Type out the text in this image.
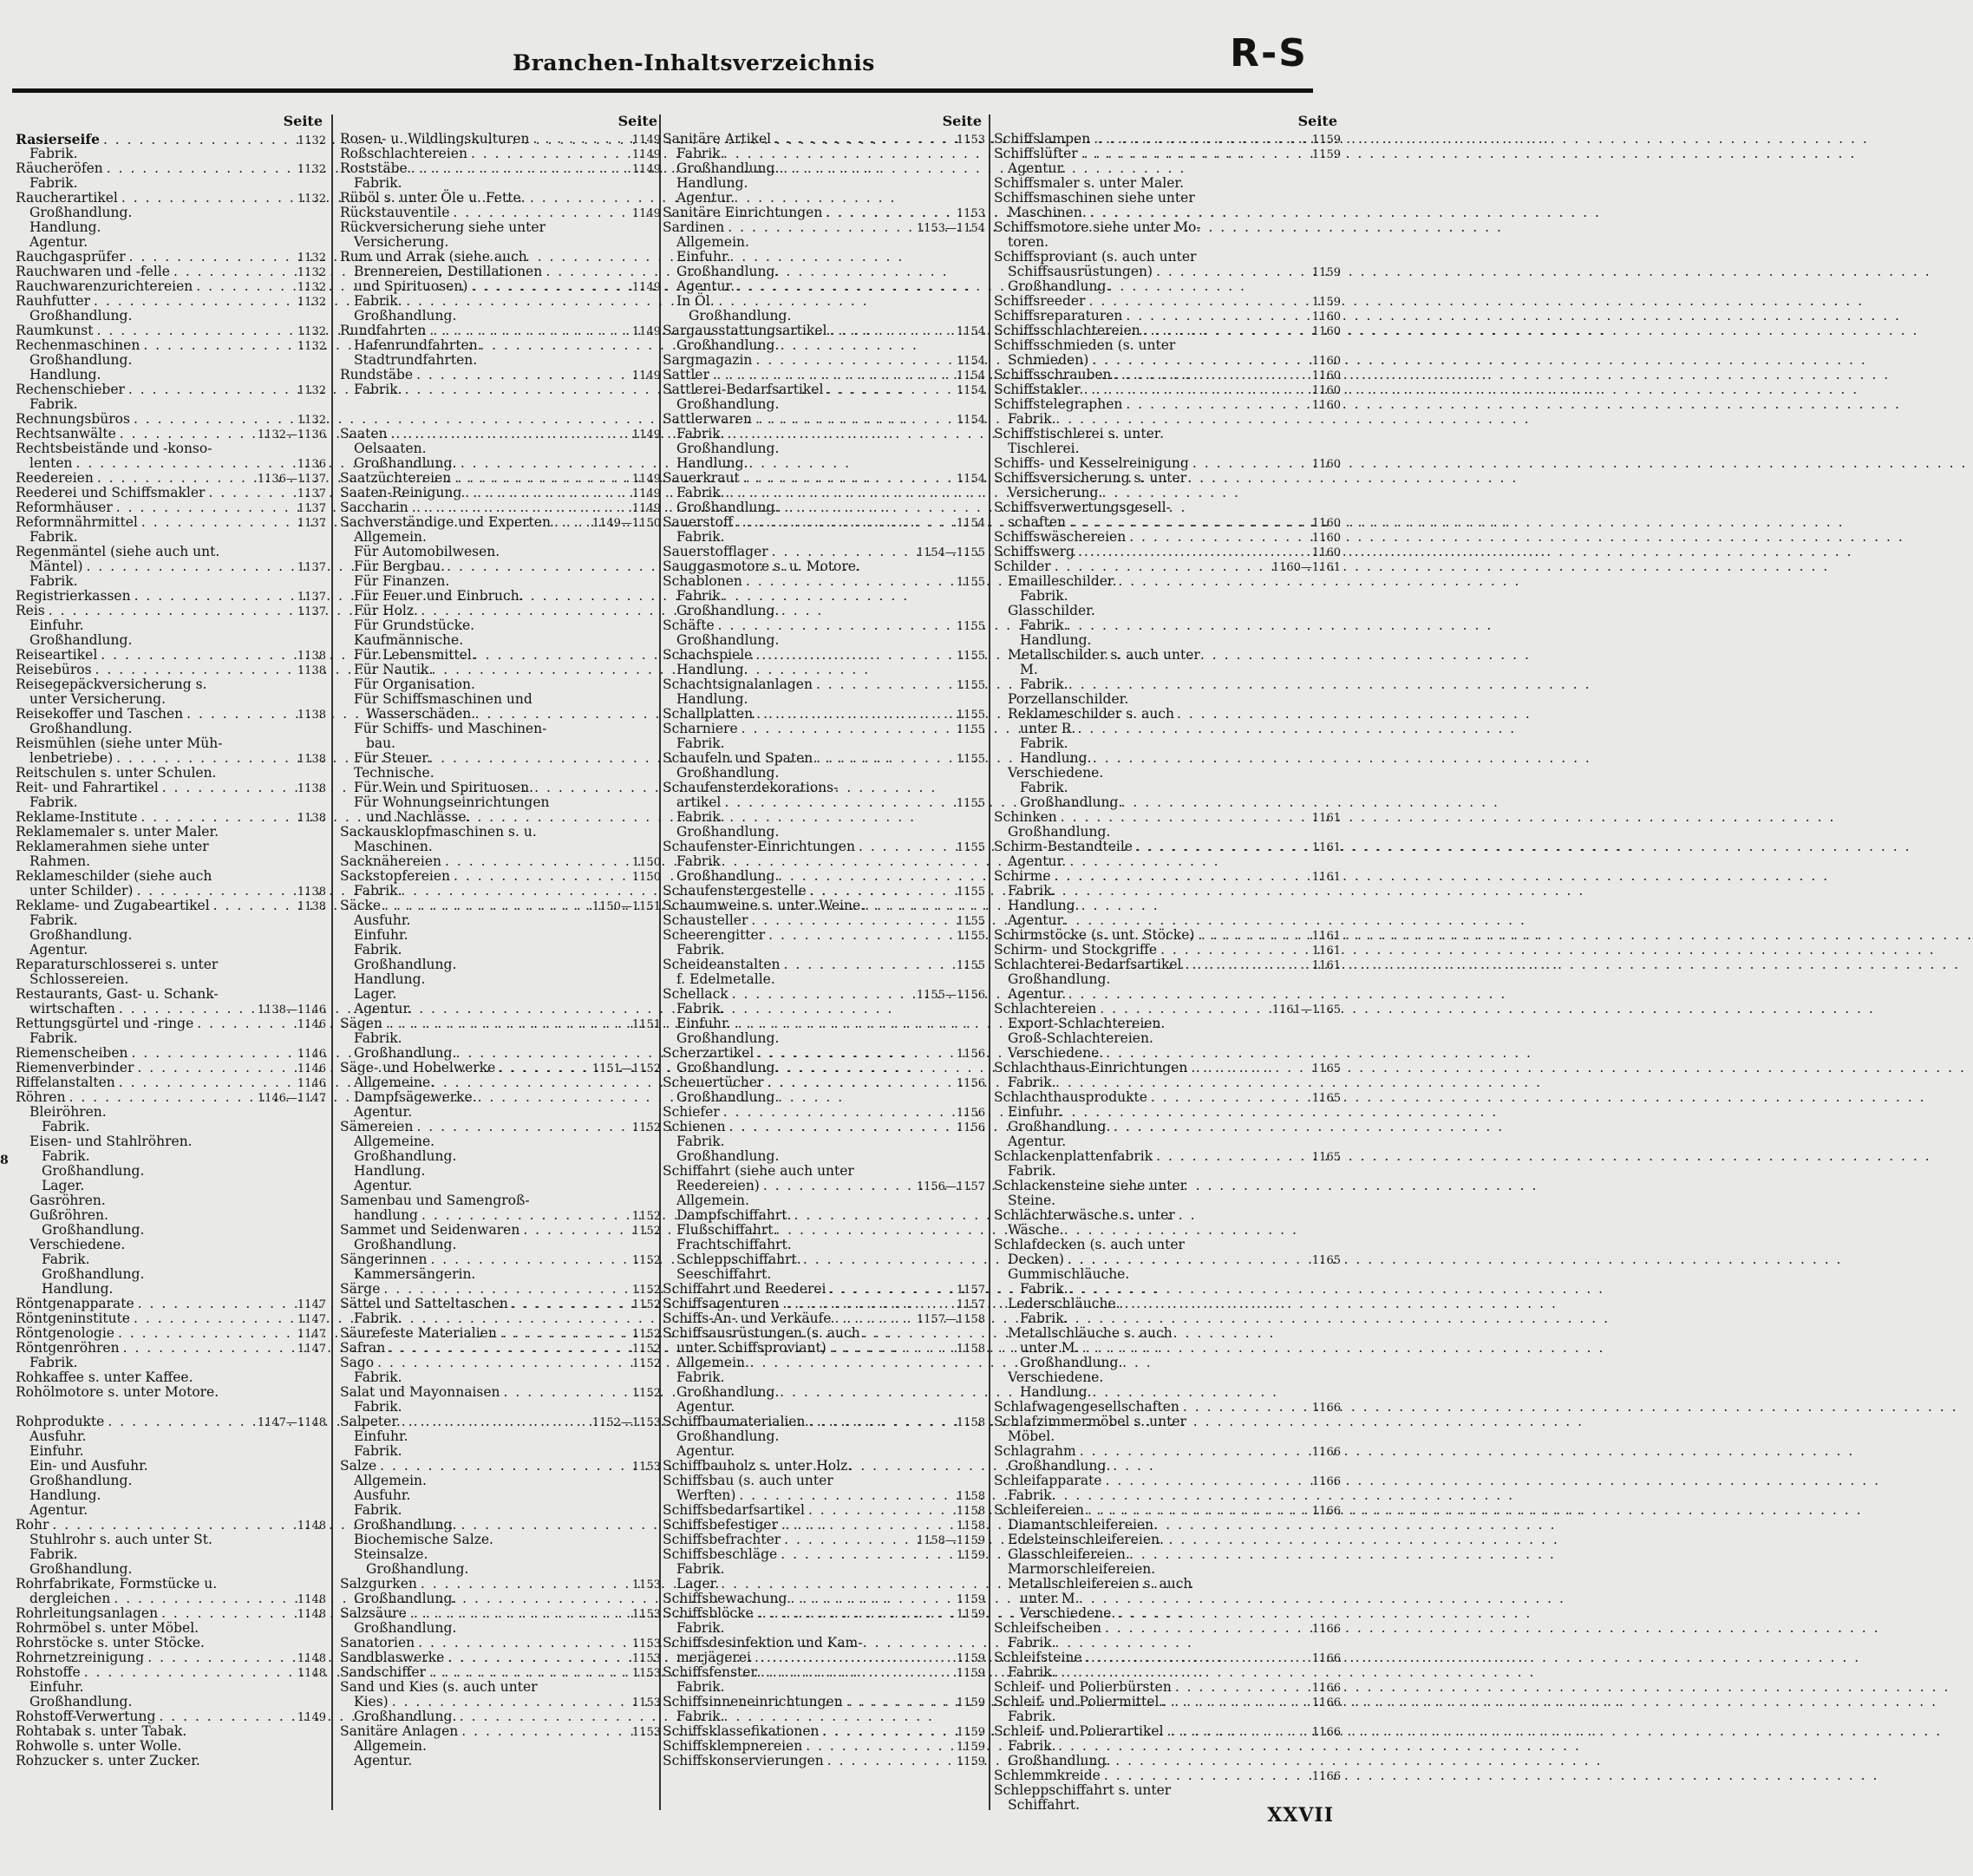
Branchen-Inhaltsverzeichnis	R-S
Seite
Rasierseife . . .	1132
Fabrik.
Räucheröfen . . .	1132
Fabrik.
Raucherartikel . . .	1132
Großhandlung.
Handlung.
Agentur.
Rauchgasprüfer . . .	1132
Rauchwaren und -felle . . .	1132
Rauchwarenzurichtereien . . .	1132
Rauhfutter . . .	1132
Großhandlung.
Raumkunst . . .	1132
Rechenmaschinen . . .	1132
Großhandlung.
Handlung.
Rechenschieber . . .	1132
Fabrik.
Rechnungsbüros . . .	1132
Rechtsanwälte . . .	1132—1136
Rechtsbeistände und -konso-
lenten . . .	1136
Reedereien . . .	1136—1137
Reederei und Schiffsmakler . . .	1137
Reformhäuser . . .	1137
Reformnährmittel . . .	1137
Fabrik.
Regenmäntel (siehe auch unt.
Mäntel) . . .	1137
Fabrik.
Registrierkassen . . .	1137
Reis . . .	1137
Einfuhr.
Großhandlung.
Reiseartikel . . .	1138
Reisebüros . . .	1138
Reisegepäckversicherung s.
unter Versicherung.
Reisekoffer und Taschen . . .	1138
Großhandlung.
Reismühlen (siehe unter Müh-
lenbetriebe) . . .	1138
Reitschulen s. unter Schulen.
Reit- und Fahrartikel . . .	1138
Fabrik.
Reklame-Institute . . .	1138
Reklamemaler s. unter Maler.
Reklamerahmen siehe unter
Rahmen.
Reklameschilder (siehe auch
unter Schilder) . . .	1138
Reklame- und Zugabeartikel . . .	1138
Fabrik.
Großhandlung.
Agentur.
Reparaturschlosserei s. unter
Schlossereien.
Restaurants, Gast- u. Schank-
wirtschaften . . .	1138—1146
Rettungsgürtel und -ringe . . .	1146
Fabrik.
Riemenscheiben . . .	1146
Riemenverbinder . . .	1146
Riffelanstalten . . .	1146
Röhren . . .	1146—1147
Bleiröhren.
Fabrik.
Eisen- und Stahlröhren.
Fabrik.
Großhandlung.
Lager.
Gasröhren.
Gußröhren.
Großhandlung.
Verschiedene.
Fabrik.
Großhandlung.
Handlung.
Röntgenapparate . . .	1147
Röntgeninstitute . . .	1147
Röntgenologie . . .	1147
Röntgenröhren . . .	1147
Fabrik.
Rohkaffee s. unter Kaffee.
Rohölmotore s. unter Motore.
Rohprodukte . . .	1147—1148
Ausfuhr.
Einfuhr.
Ein- und Ausfuhr.
Großhandlung.
Handlung.
Agentur.
Rohr . . .	1148
Stuhlrohr s. auch unter St.
Fabrik.
Großhandlung.
Rohrfabrikate, Formstücke u.
dergleichen . . .	1148
Rohrleitungsanlagen . . .	1148
Rohrmöbel s. unter Möbel.
Rohrstöcke s. unter Stöcke.
Rohrnetzreinigung . . .	1148
Rohstoffe . . .	1148
Einfuhr.
Großhandlung.
Rohstoff-Verwertung . . .	1149
Rohtabak s. unter Tabak.
Rohwolle s. unter Wolle.
Rohzucker s. unter Zucker.
Seite
Rosen- u. Wildlingskulturen . . .	1149
Roßschlachtereien . . .	1149
Roststäbe . . .	1149
Fabrik.
Rüböl s. unter Öle u. Fette.
Rückstauventile . . .	1149
Rückversicherung siehe unter
Versicherung.
Rum und Arrak (siehe auch
Brennereien, Destillationen
und Spirituosen) . . .	1149
Fabrik.
Großhandlung.
Rundfahrten . . .	1149
Hafenrundfahrten.
Stadtrundfahrten.
Rundstäbe . . .	1149
Fabrik.
Saaten . . .	1149
Oelsaaten.
Großhandlung.
Saatzüchtereien . . .	1149
Saaten-Reinigung . . .	1149
Saccharin . . .	1149
Sachverständige und Experten . . .	1149—1150
Allgemein.
Für Automobilwesen.
Für Bergbau.
Für Finanzen.
Für Feuer und Einbruch.
Für Holz.
Für Grundstücke.
Kaufmännische.
Für Lebensmittel.
Für Nautik.
Für Organisation.
Für Schiffsmaschinen und
Wasserschäden.
Für Schiffs- und Maschinen-
bau.
Für Steuer.
Technische.
Für Wein und Spirituosen.
Für Wohnungseinrichtungen
und Nachlässe.
Sackausklopfmaschinen s. u.
Maschinen.
Sacknähereien . . .	1150
Sackstopfereien . . .	1150
Fabrik.
Säcke . . .	1150—1151
Ausfuhr.
Einfuhr.
Fabrik.
Großhandlung.
Handlung.
Lager.
Agentur.
Sägen . . .	1151
Fabrik.
Großhandlung.
Säge- und Hobelwerke . . .	1151—1152
Allgemeine.
Dampfsägewerke.
Agentur.
Sämereien . . .	1152
Allgemeine.
Großhandlung.
Handlung.
Agentur.
Samenbau und Samengroß-
handlung . . .	1152
Sammet und Seidenwaren . . .	1152
Großhandlung.
Sängerinnen . . .	1152
Kammersängerin.
Särge . . .	1152
Sättel und Satteltaschen . . .	1152
Fabrik.
Säurefeste Materialien . . .	1152
Safran . . .	1152
Sago . . .	1152
Fabrik.
Salat und Mayonnaisen . . .	1152
Fabrik.
Salpeter . . .	1152—1153
Einfuhr.
Fabrik.
Salze . . .	1153
Allgemein.
Ausfuhr.
Fabrik.
Großhandlung.
Biochemische Salze.
Steinsalze.
Großhandlung.
Salzgurken . . .	1153
Großhandlung.
Salzsäure . . .	1153
Großhandlung.
Sanatorien . . .	1153
Sandblaswerke . . .	1153
Sandschiffer . . .	1153
Sand und Kies (s. auch unter
Kies) . . .	1153
Großhandlung.
Sanitäre Anlagen . . .	1153
Allgemein.
Agentur.
Seite
Sanitäre Artikel . . .	1153
Fabrik.
Großhandlung.
Handlung.
Agentur.
Sanitäre Einrichtungen . . .	1153
Sardinen . . .	1153—1154
Allgemein.
Einfuhr.
Großhandlung.
Agentur.
In Öl.
Großhandlung.
Sargausstattungsartikel . . .	1154
Großhandlung.
Sargmagazin . . .	1154
Sattler . . .	1154
Sattlerei-Bedarfsartikel . . .	1154
Großhandlung.
Sattlerwaren . . .	1154
Fabrik.
Großhandlung.
Handlung.
Sauerkraut . . .	1154
Fabrik.
Großhandlung.
Sauerstoff . . .	1154
Fabrik.
Sauerstofflager . . .	1154—1155
Sauggasmotore s. u. Motore.
Schablonen . . .	1155
Fabrik.
Großhandlung.
Schäfte . . .	1155
Großhandlung.
Schachspiele . . .	1155
Handlung.
Schachtsignalanlagen . . .	1155
Handlung.
Schallplatten . . .	1155
Scharniere . . .	1155
Fabrik.
Schaufeln und Spaten . . .	1155
Großhandlung.
Schaufensterdekorations-
artikel . . .	1155
Fabrik.
Großhandlung.
Schaufenster-Einrichtungen . . .	1155
Fabrik
Großhandlung.
Schaufenstergestelle . . .	1155
Schaumweine s. unter Weine.
Schausteller . . .	1155
Scheerengitter . . .	1155
Fabrik.
Scheideanstalten . . .	1155
f. Edelmetalle.
Schellack . . .	1155—1156
Fabrik.
Einfuhr.
Großhandlung.
Scherzartikel . . .	1156
Großhandlung.
Scheuertücher . . .	1156
Großhandlung.
Schiefer . . .	1156
Schienen . . .	1156
Fabrik.
Großhandlung.
Schiffahrt (siehe auch unter
Reedereien) . . .	1156—1157
Allgemein.
Dampfschiffahrt.
Flußschiffahrt.
Frachtschiffahrt.
Schleppschiffahrt.
Seeschiffahrt.
Schiffahrt und Reederei . . .	1157
Schiffsagenturen . . .	1157
Schiffs-An- und Verkäufe . . .	1157—1158
Schiffsausrüstungen (s. auch
unter Schiffsproviant) . . .	1158
Allgemein.
Fabrik.
Großhandlung.
Agentur.
Schiffbaumaterialien . . .	1158
Großhandlung.
Agentur.
Schiffbauholz s. unter Holz.
Schiffsbau (s. auch unter
Werften) . . .	1158
Schiffsbedarfsartikel . . .	1158
Schiffsbefestiger . . .	1158
Schiffsbefrachter . . .	1158—1159
Schiffsbeschläge . . .	1159
Fabrik.
Lager.
Schiffsbewachung . . .	1159
Schiffsblöcke . . .	1159
Fabrik.
Schiffsdesinfektion und Kam-
merjägerei . . .	1159
Schiffsfenster . . .	1159
Fabrik.
Schiffsinneneinrichtungen . . .	1159
Fabrik.
Schiffsklassefikationen . . .	1159
Schiffsklempnereien . . .	1159
Schiffskonservierungen . . .	1159
Seite
Schiffslampen . . .	1159
Schiffslüfter . . .	1159
Agentur.
Schiffsmaler s. unter Maler.
Schiffsmaschinen siehe unter
Maschinen.
Schiffsmotore siehe unter Mo-
toren.
Schiffsproviant (s. auch unter
Schiffsausrüstungen) . . .	1159
Großhandlung.
Schiffsreeder . . .	1159
Schiffsreparaturen . . .	1160
Schiffsschlachtereien . . .	1160
Schiffsschmieden (s. unter
Schmieden) . . .	1160
Schiffsschrauben . . .	1160
Schiffstakler . . .	1160
Schiffstelegraphen . . .	1160
Fabrik.
Schiffstischlerei s. unter
Tischlerei.
Schiffs- und Kesselreinigung . . .	1160
Schiffsversicherung s. unter
Versicherung.
Schiffsverwertungsgesell-
schaften . . .	1160
Schiffswäschereien . . .	1160
Schiffswerg . . .	1160
Schilder . . .	1160—1161
Emailleschilder.
Fabrik.
Glasschilder.
Fabrik.
Handlung.
Metallschilder s. auch unter
M.
Fabrik.
Porzellanschilder.
Reklameschilder s. auch
unter R.
Fabrik.
Handlung.
Verschiedene.
Fabrik.
Großhandlung.
Schinken . . .	1161
Großhandlung.
Schirm-Bestandteile . . .	1161
Agentur.
Schirme . . .	1161
Fabrik.
Handlung.
Agentur.
Schirmstöcke (s. unt. Stöcke) . . .	1161
Schirm- und Stockgriffe . . .	1161
Schlachterei-Bedarfsartikel . . .	1161
Großhandlung.
Agentur.
Schlachtereien . . .	1161—1165
Export-Schlachtereien.
Groß-Schlachtereien.
Verschiedene.
Schlachthaus-Einrichtungen . . .	1165
Fabrik.
Schlachthausprodukte . . .	1165
Einfuhr.
Großhandlung.
Agentur.
Schlackenplattenfabrik . . .	1165
Fabrik.
Schlackensteine siehe unter
Steine.
Schlächterwäsche s. unter
Wäsche.
Schlafdecken (s. auch unter
Decken) . . .	1165
Gummischläuche.
Fabrik.
Lederschläuche.
Fabrik.
Metallschläuche s. auch
unter M.
Großhandlung.
Verschiedene.
Handlung.
Schlafwagengesellschaften . . .	1166
Schlafzimmermöbel s. unter
Möbel.
Schlagrahm . . .	1166
Großhandlung.
Schleifapparate . . .	1166
Fabrik.
Schleifereien . . .	1166
Diamantschleifereien.
Edelsteinschleifereien.
Glasschleifereien.
Marmorschleifereien.
Metallschleifereien s. auch
unter M.
Verschiedene.
Schleifscheiben . . .	1166
Fabrik.
Schleifsteine . . .	1166
Fabrik.
Schleif- und Polierbürsten . . .	1166
Schleif- und Poliermittel . . .	1166
Fabrik.
Schleif- und Polierartikel . . .	1166
Fabrik.
Großhandlung.
Schlemmkreide . . .	1166
Schleppschiffahrt s. unter
Schiffahrt.
8
XXVII
